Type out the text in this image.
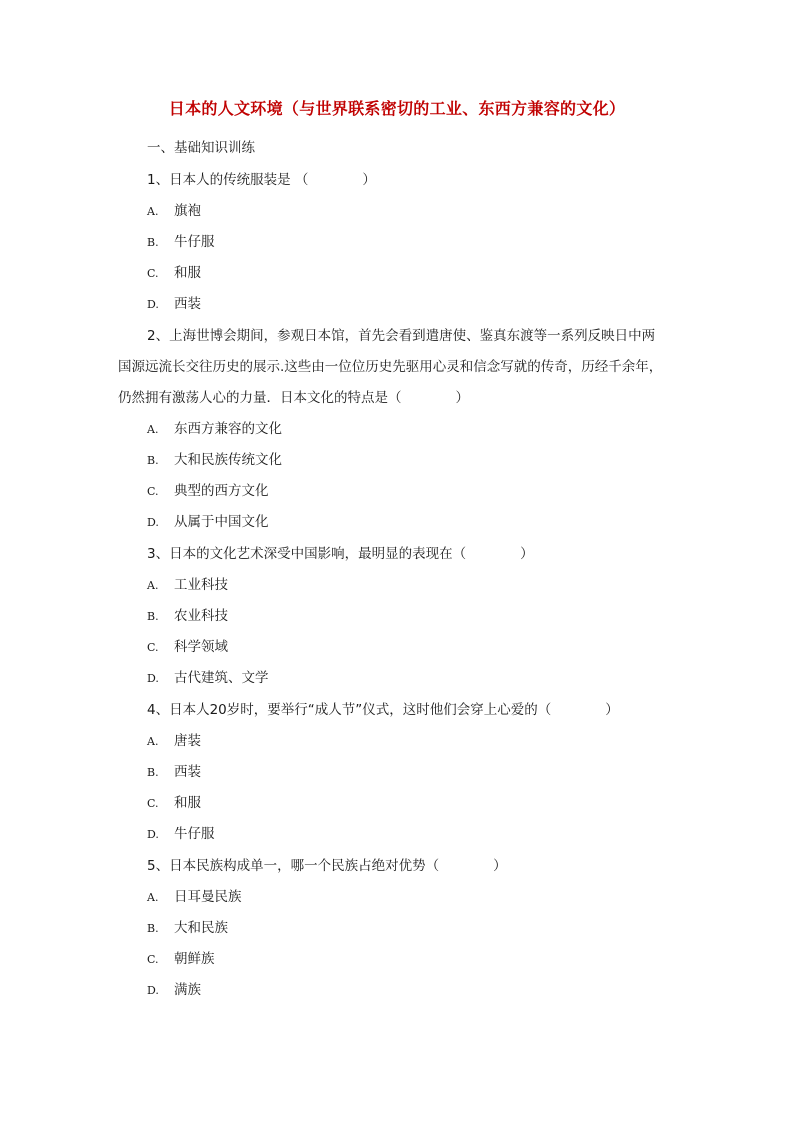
日本的人文环境（与世界联系密切的工业、东西方兼容的文化）
一、基础知识训练
1、日本人的传统服装是 （　　　　）
A. 旗袍
B. 牛仔服
C. 和服
D. 西装
2、上海世博会期间，参观日本馆，首先会看到遣唐使、鉴真东渡等一系列反映日中两
国源远流长交往历史的展示.这些由一位位历史先驱用心灵和信念写就的传奇，历经千余年，
仍然拥有激荡人心的力量．日本文化的特点是（　　　　）
A. 东西方兼容的文化
B. 大和民族传统文化
C. 典型的西方文化
D. 从属于中国文化
3、日本的文化艺术深受中国影响，最明显的表现在（　　　　）
A. 工业科技
B. 农业科技
C. 科学领域
D. 古代建筑、文学
4、日本人20岁时，要举行“成人节”仪式，这时他们会穿上心爱的（　　　　）
A. 唐装
B. 西装
C. 和服
D. 牛仔服
5、日本民族构成单一，哪一个民族占绝对优势（　　　　）
A. 日耳曼民族
B. 大和民族
C. 朝鲜族
D. 满族
